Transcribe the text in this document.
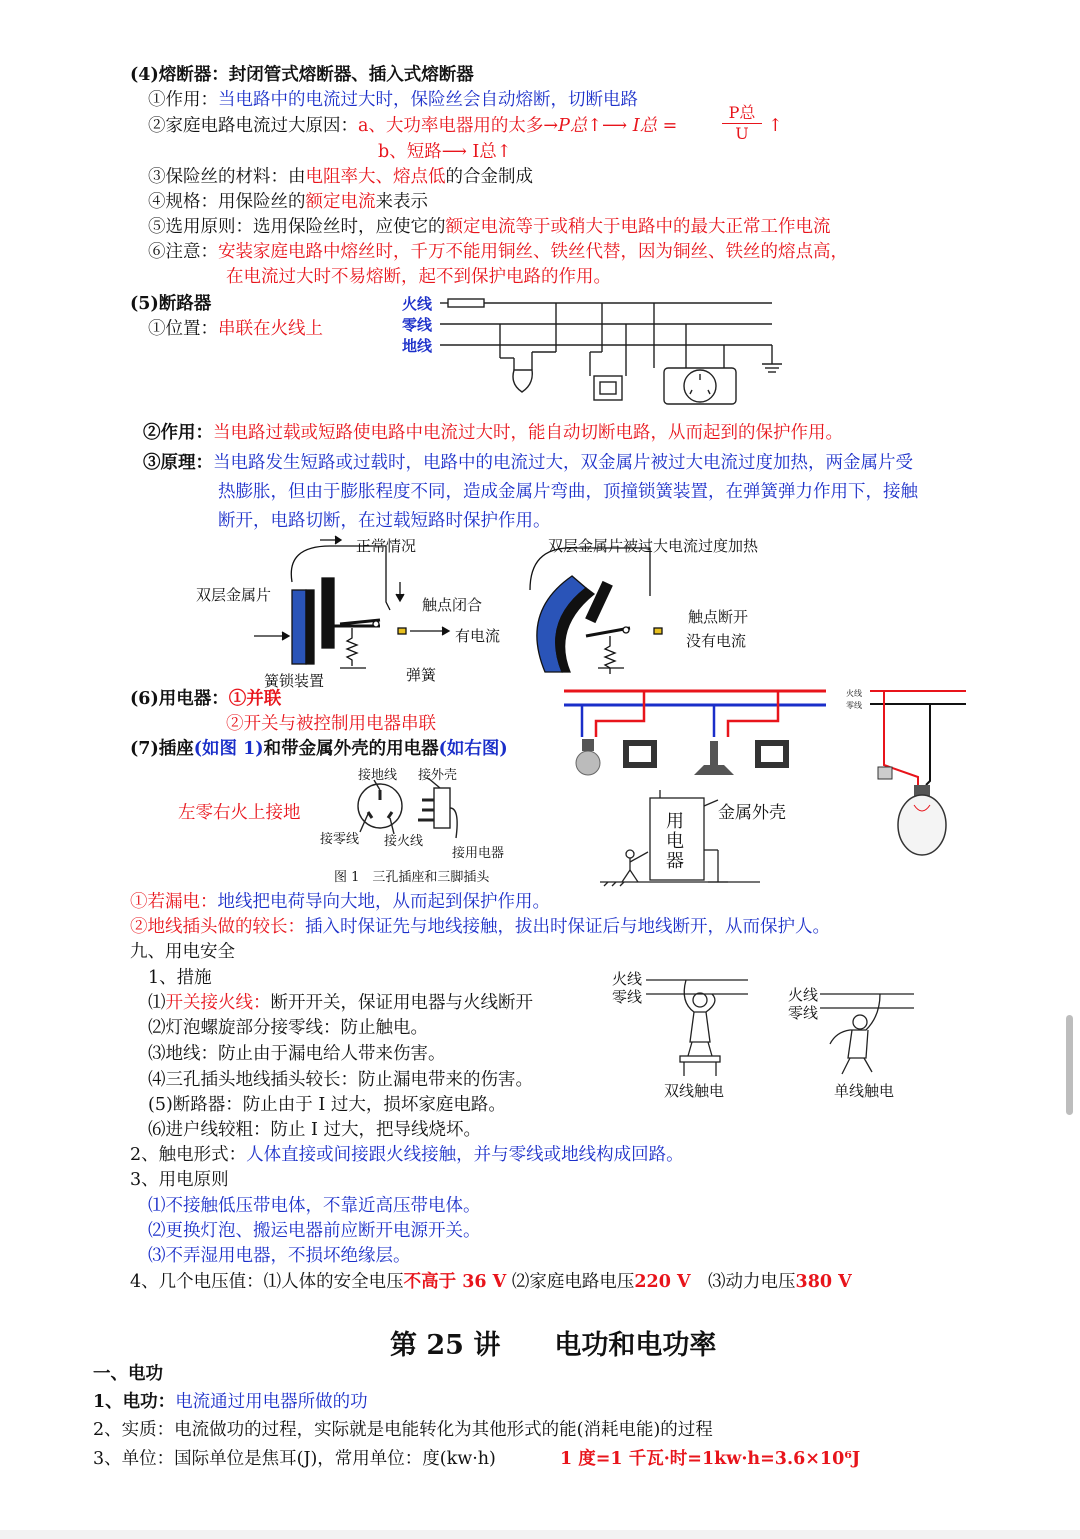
(4)熔断器：封闭管式熔断器、插入式熔断器
①作用：当电路中的电流过大时，保险丝会自动熔断，切断电路
②家庭电路电流过大原因：a、大功率电器用的太多→P总↑⟶ I总 =
P总
U	↑
b、短路⟶ I总↑
③保险丝的材料：由电阻率大、熔点低的合金制成
④规格：用保险丝的额定电流来表示
⑤选用原则：选用保险丝时，应使它的额定电流等于或稍大于电路中的最大正常工作电流
⑥注意：安装家庭电路中熔丝时，千万不能用铜丝、铁丝代替，因为铜丝、铁丝的熔点高，
在电流过大时不易熔断，起不到保护电路的作用。
(5)断路器
①位置：串联在火线上
火线
零线
地线
②作用：当电路过载或短路使电路中电流过大时，能自动切断电路，从而起到的保护作用。
③原理：当电路发生短路或过载时，电路中的电流过大，双金属片被过大电流过度加热，两金属片受
热膨胀，但由于膨胀程度不同，造成金属片弯曲，顶撞锁簧装置，在弹簧弹力作用下，接触
断开，电路切断，在过载短路时保护作用。
正常情况
双层金属片
触点闭合
有电流
簧锁装置	弹簧
双层金属片被过大电流过度加热
触点断开
没有电流
(6)用电器：①并联
②开关与被控制用电器串联
火线
零线
(7)插座(如图 1)和带金属外壳的用电器(如右图)
左零右火上接地
接地线 接外壳
接零线 接火线
接用电器
图 1　三孔插座和三脚插头
金属外壳
用电器
①若漏电：地线把电荷导向大地，从而起到保护作用。
②地线插头做的较长：插入时保证先与地线接触，拔出时保证后与地线断开，从而保护人。
九、用电安全
1、措施
⑴开关接火线：断开开关，保证用电器与火线断开
⑵灯泡螺旋部分接零线：防止触电。
⑶地线：防止由于漏电给人带来伤害。
⑷三孔插头地线插头较长：防止漏电带来的伤害。
(5)断路器：防止由于 I 过大，损坏家庭电路。
⑹进户线较粗：防止 I 过大，把导线烧坏。
火线
零线	火线
零线
双线触电	单线触电
2、触电形式：人体直接或间接跟火线接触，并与零线或地线构成回路。
3、用电原则
⑴不接触低压带电体，不靠近高压带电体。
⑵更换灯泡、搬运电器前应断开电源开关。
⑶不弄湿用电器，不损坏绝缘层。
4、几个电压值：⑴人体的安全电压不高于 36 V ⑵家庭电路电压220 V　 ⑶动力电压380 V
第 25 讲　　电功和电功率
一、电功
1、电功：电流通过用电器所做的功
2、实质：电流做功的过程，实际就是电能转化为其他形式的能(消耗电能)的过程
3、单位：国际单位是焦耳(J)，常用单位：度(kw·h)	1 度=1 千瓦·时=1kw·h=3.6×10⁶J
